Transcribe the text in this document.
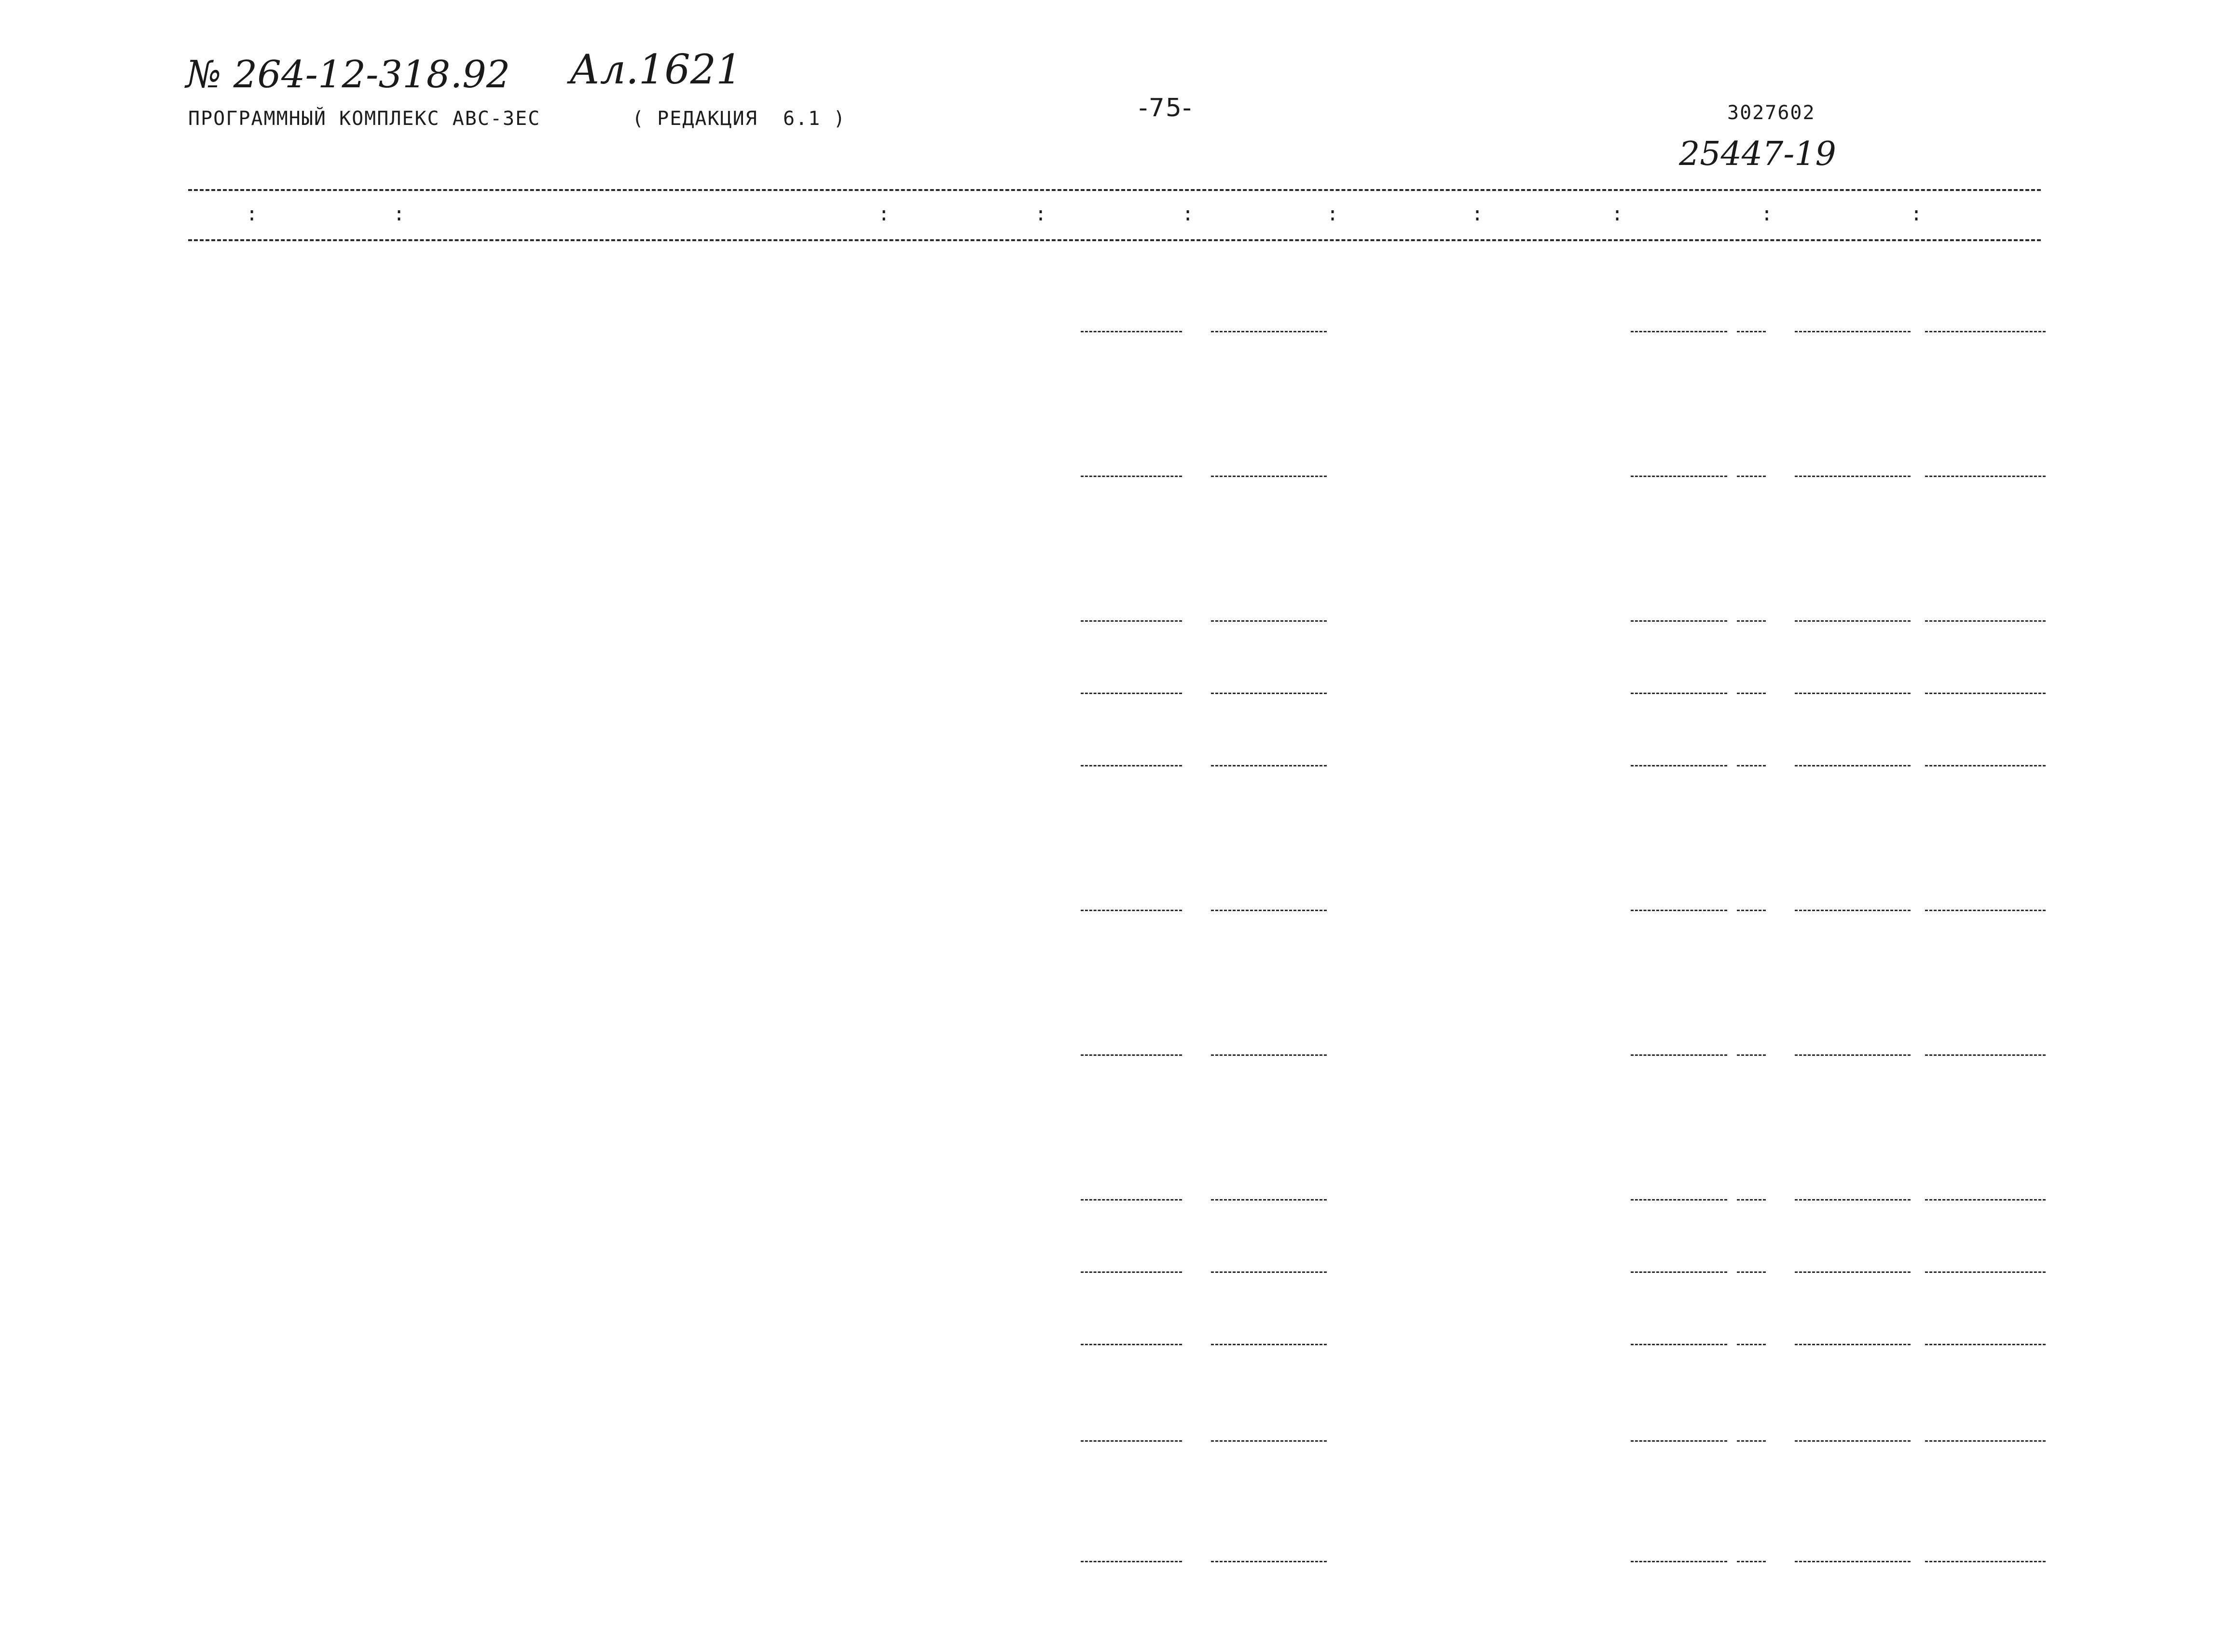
№ 264-12-318.92 Ал.1621
25447-19
ПРОГРАММНЫЙ КОМПЛЕКС АВС-3ЕС	( РЕДАКЦИЯ  6.1 )	-75-	3027602
:	:	:	:	:	:	:	:	:	:
